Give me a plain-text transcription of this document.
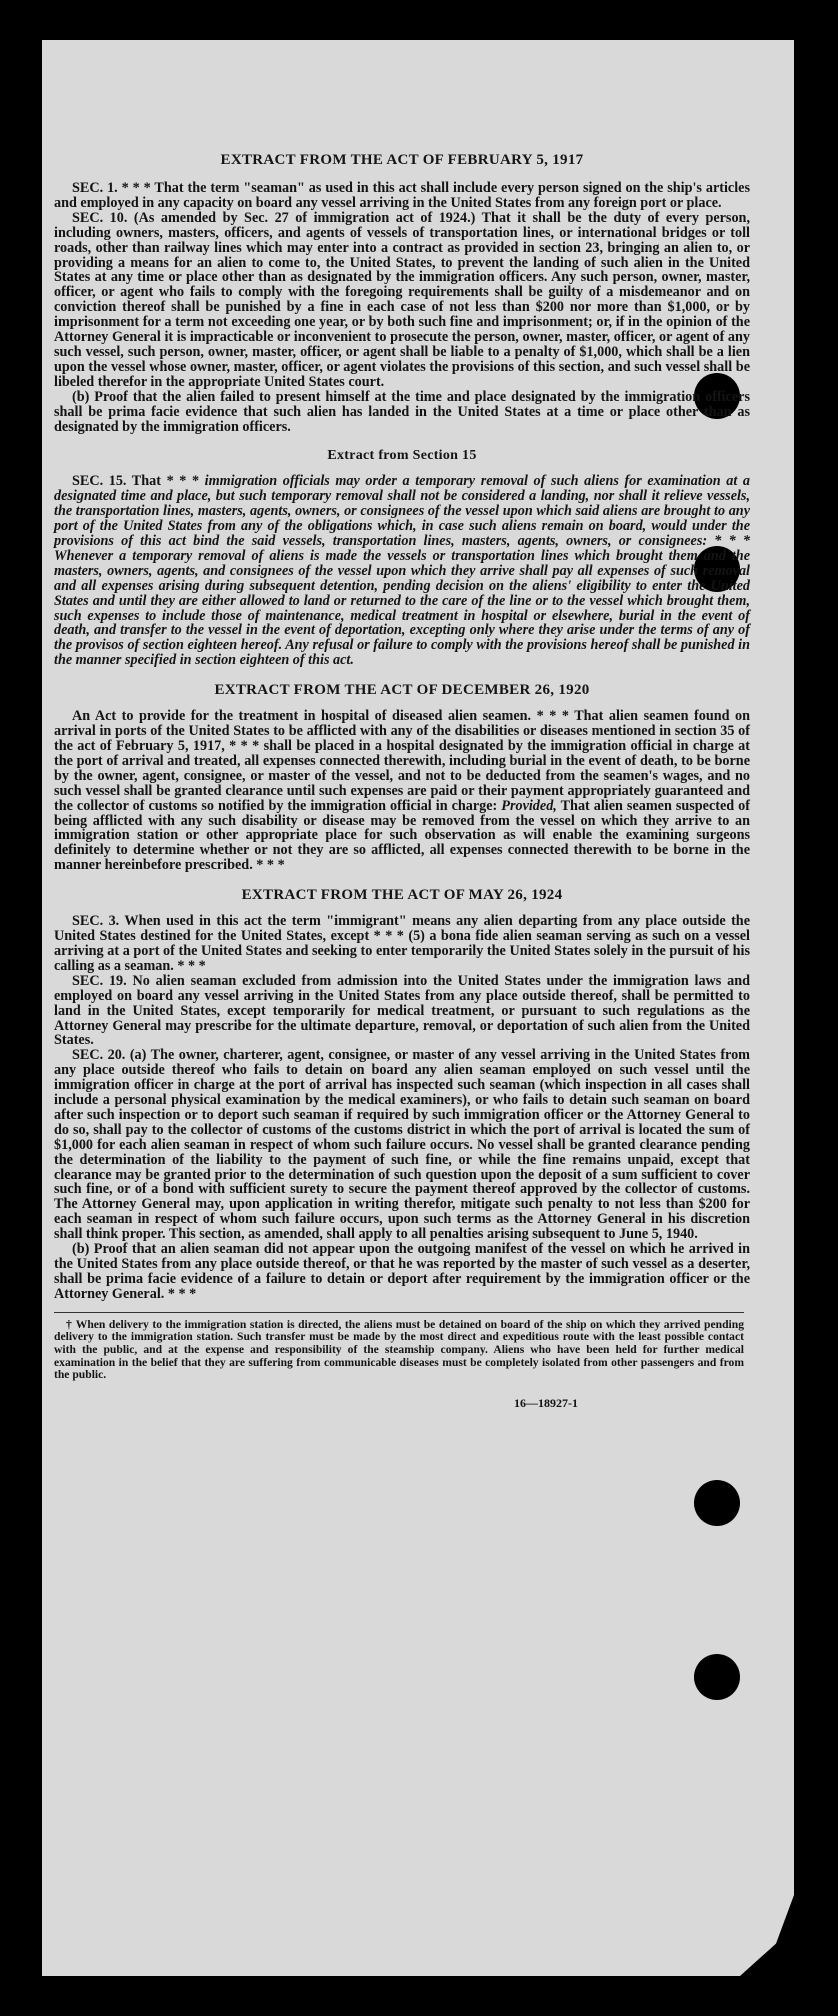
EXTRACT FROM THE ACT OF FEBRUARY 5, 1917

SEC. 1. * * * That the term "seaman" as used in this act shall include every person signed on the ship's articles and employed in any capacity on board any vessel arriving in the United States from any foreign port or place.

SEC. 10. (As amended by Sec. 27 of immigration act of 1924.) That it shall be the duty of every person, including owners, masters, officers, and agents of vessels of transportation lines, or international bridges or toll roads, other than railway lines which may enter into a contract as provided in section 23, bringing an alien to, or providing a means for an alien to come to, the United States, to prevent the landing of such alien in the United States at any time or place other than as designated by the immigration officers. Any such person, owner, master, officer, or agent who fails to comply with the foregoing requirements shall be guilty of a misdemeanor and on conviction thereof shall be punished by a fine in each case of not less than $200 nor more than $1,000, or by imprisonment for a term not exceeding one year, or by both such fine and imprisonment; or, if in the opinion of the Attorney General it is impracticable or inconvenient to prosecute the person, owner, master, officer, or agent of any such vessel, such person, owner, master, officer, or agent shall be liable to a penalty of $1,000, which shall be a lien upon the vessel whose owner, master, officer, or agent violates the provisions of this section, and such vessel shall be libeled therefor in the appropriate United States court.

(b) Proof that the alien failed to present himself at the time and place designated by the immigration officers shall be prima facie evidence that such alien has landed in the United States at a time or place other than as designated by the immigration officers.

Extract from Section 15

SEC. 15. That * * * immigration officials may order a temporary removal of such aliens for examination at a designated time and place, but such temporary removal shall not be considered a landing, nor shall it relieve vessels, the transportation lines, masters, agents, owners, or consignees of the vessel upon which said aliens are brought to any port of the United States from any of the obligations which, in case such aliens remain on board, would under the provisions of this act bind the said vessels, transportation lines, masters, agents, owners, or consignees: * * * Whenever a temporary removal of aliens is made the vessels or transportation lines which brought them and the masters, owners, agents, and consignees of the vessel upon which they arrive shall pay all expenses of such removal and all expenses arising during subsequent detention, pending decision on the aliens' eligibility to enter the United States and until they are either allowed to land or returned to the care of the line or to the vessel which brought them, such expenses to include those of maintenance, medical treatment in hospital or elsewhere, burial in the event of death, and transfer to the vessel in the event of deportation, excepting only where they arise under the terms of any of the provisos of section eighteen hereof. Any refusal or failure to comply with the provisions hereof shall be punished in the manner specified in section eighteen of this act.

EXTRACT FROM THE ACT OF DECEMBER 26, 1920

An Act to provide for the treatment in hospital of diseased alien seamen. * * * That alien seamen found on arrival in ports of the United States to be afflicted with any of the disabilities or diseases mentioned in section 35 of the act of February 5, 1917, * * * shall be placed in a hospital designated by the immigration official in charge at the port of arrival and treated, all expenses connected therewith, including burial in the event of death, to be borne by the owner, agent, consignee, or master of the vessel, and not to be deducted from the seamen's wages, and no such vessel shall be granted clearance until such expenses are paid or their payment appropriately guaranteed and the collector of customs so notified by the immigration official in charge: Provided, That alien seamen suspected of being afflicted with any such disability or disease may be removed from the vessel on which they arrive to an immigration station or other appropriate place for such observation as will enable the examining surgeons definitely to determine whether or not they are so afflicted, all expenses connected therewith to be borne in the manner hereinbefore prescribed. * * *

EXTRACT FROM THE ACT OF MAY 26, 1924

SEC. 3. When used in this act the term "immigrant" means any alien departing from any place outside the United States destined for the United States, except * * * (5) a bona fide alien seaman serving as such on a vessel arriving at a port of the United States and seeking to enter temporarily the United States solely in the pursuit of his calling as a seaman. * * *

SEC. 19. No alien seaman excluded from admission into the United States under the immigration laws and employed on board any vessel arriving in the United States from any place outside thereof, shall be permitted to land in the United States, except temporarily for medical treatment, or pursuant to such regulations as the Attorney General may prescribe for the ultimate departure, removal, or deportation of such alien from the United States.

SEC. 20. (a) The owner, charterer, agent, consignee, or master of any vessel arriving in the United States from any place outside thereof who fails to detain on board any alien seaman employed on such vessel until the immigration officer in charge at the port of arrival has inspected such seaman (which inspection in all cases shall include a personal physical examination by the medical examiners), or who fails to detain such seaman on board after such inspection or to deport such seaman if required by such immigration officer or the Attorney General to do so, shall pay to the collector of customs of the customs district in which the port of arrival is located the sum of $1,000 for each alien seaman in respect of whom such failure occurs. No vessel shall be granted clearance pending the determination of the liability to the payment of such fine, or while the fine remains unpaid, except that clearance may be granted prior to the determination of such question upon the deposit of a sum sufficient to cover such fine, or of a bond with sufficient surety to secure the payment thereof approved by the collector of customs. The Attorney General may, upon application in writing therefor, mitigate such penalty to not less than $200 for each seaman in respect of whom such failure occurs, upon such terms as the Attorney General in his discretion shall think proper. This section, as amended, shall apply to all penalties arising subsequent to June 5, 1940.

(b) Proof that an alien seaman did not appear upon the outgoing manifest of the vessel on which he arrived in the United States from any place outside thereof, or that he was reported by the master of such vessel as a deserter, shall be prima facie evidence of a failure to detain or deport after requirement by the immigration officer or the Attorney General. * * *

† When delivery to the immigration station is directed, the aliens must be detained on board of the ship on which they arrived pending delivery to the immigration station. Such transfer must be made by the most direct and expeditious route with the least possible contact with the public, and at the expense and responsibility of the steamship company. Aliens who have been held for further medical examination in the belief that they are suffering from communicable diseases must be completely isolated from other passengers and from the public.

16—18927-1
